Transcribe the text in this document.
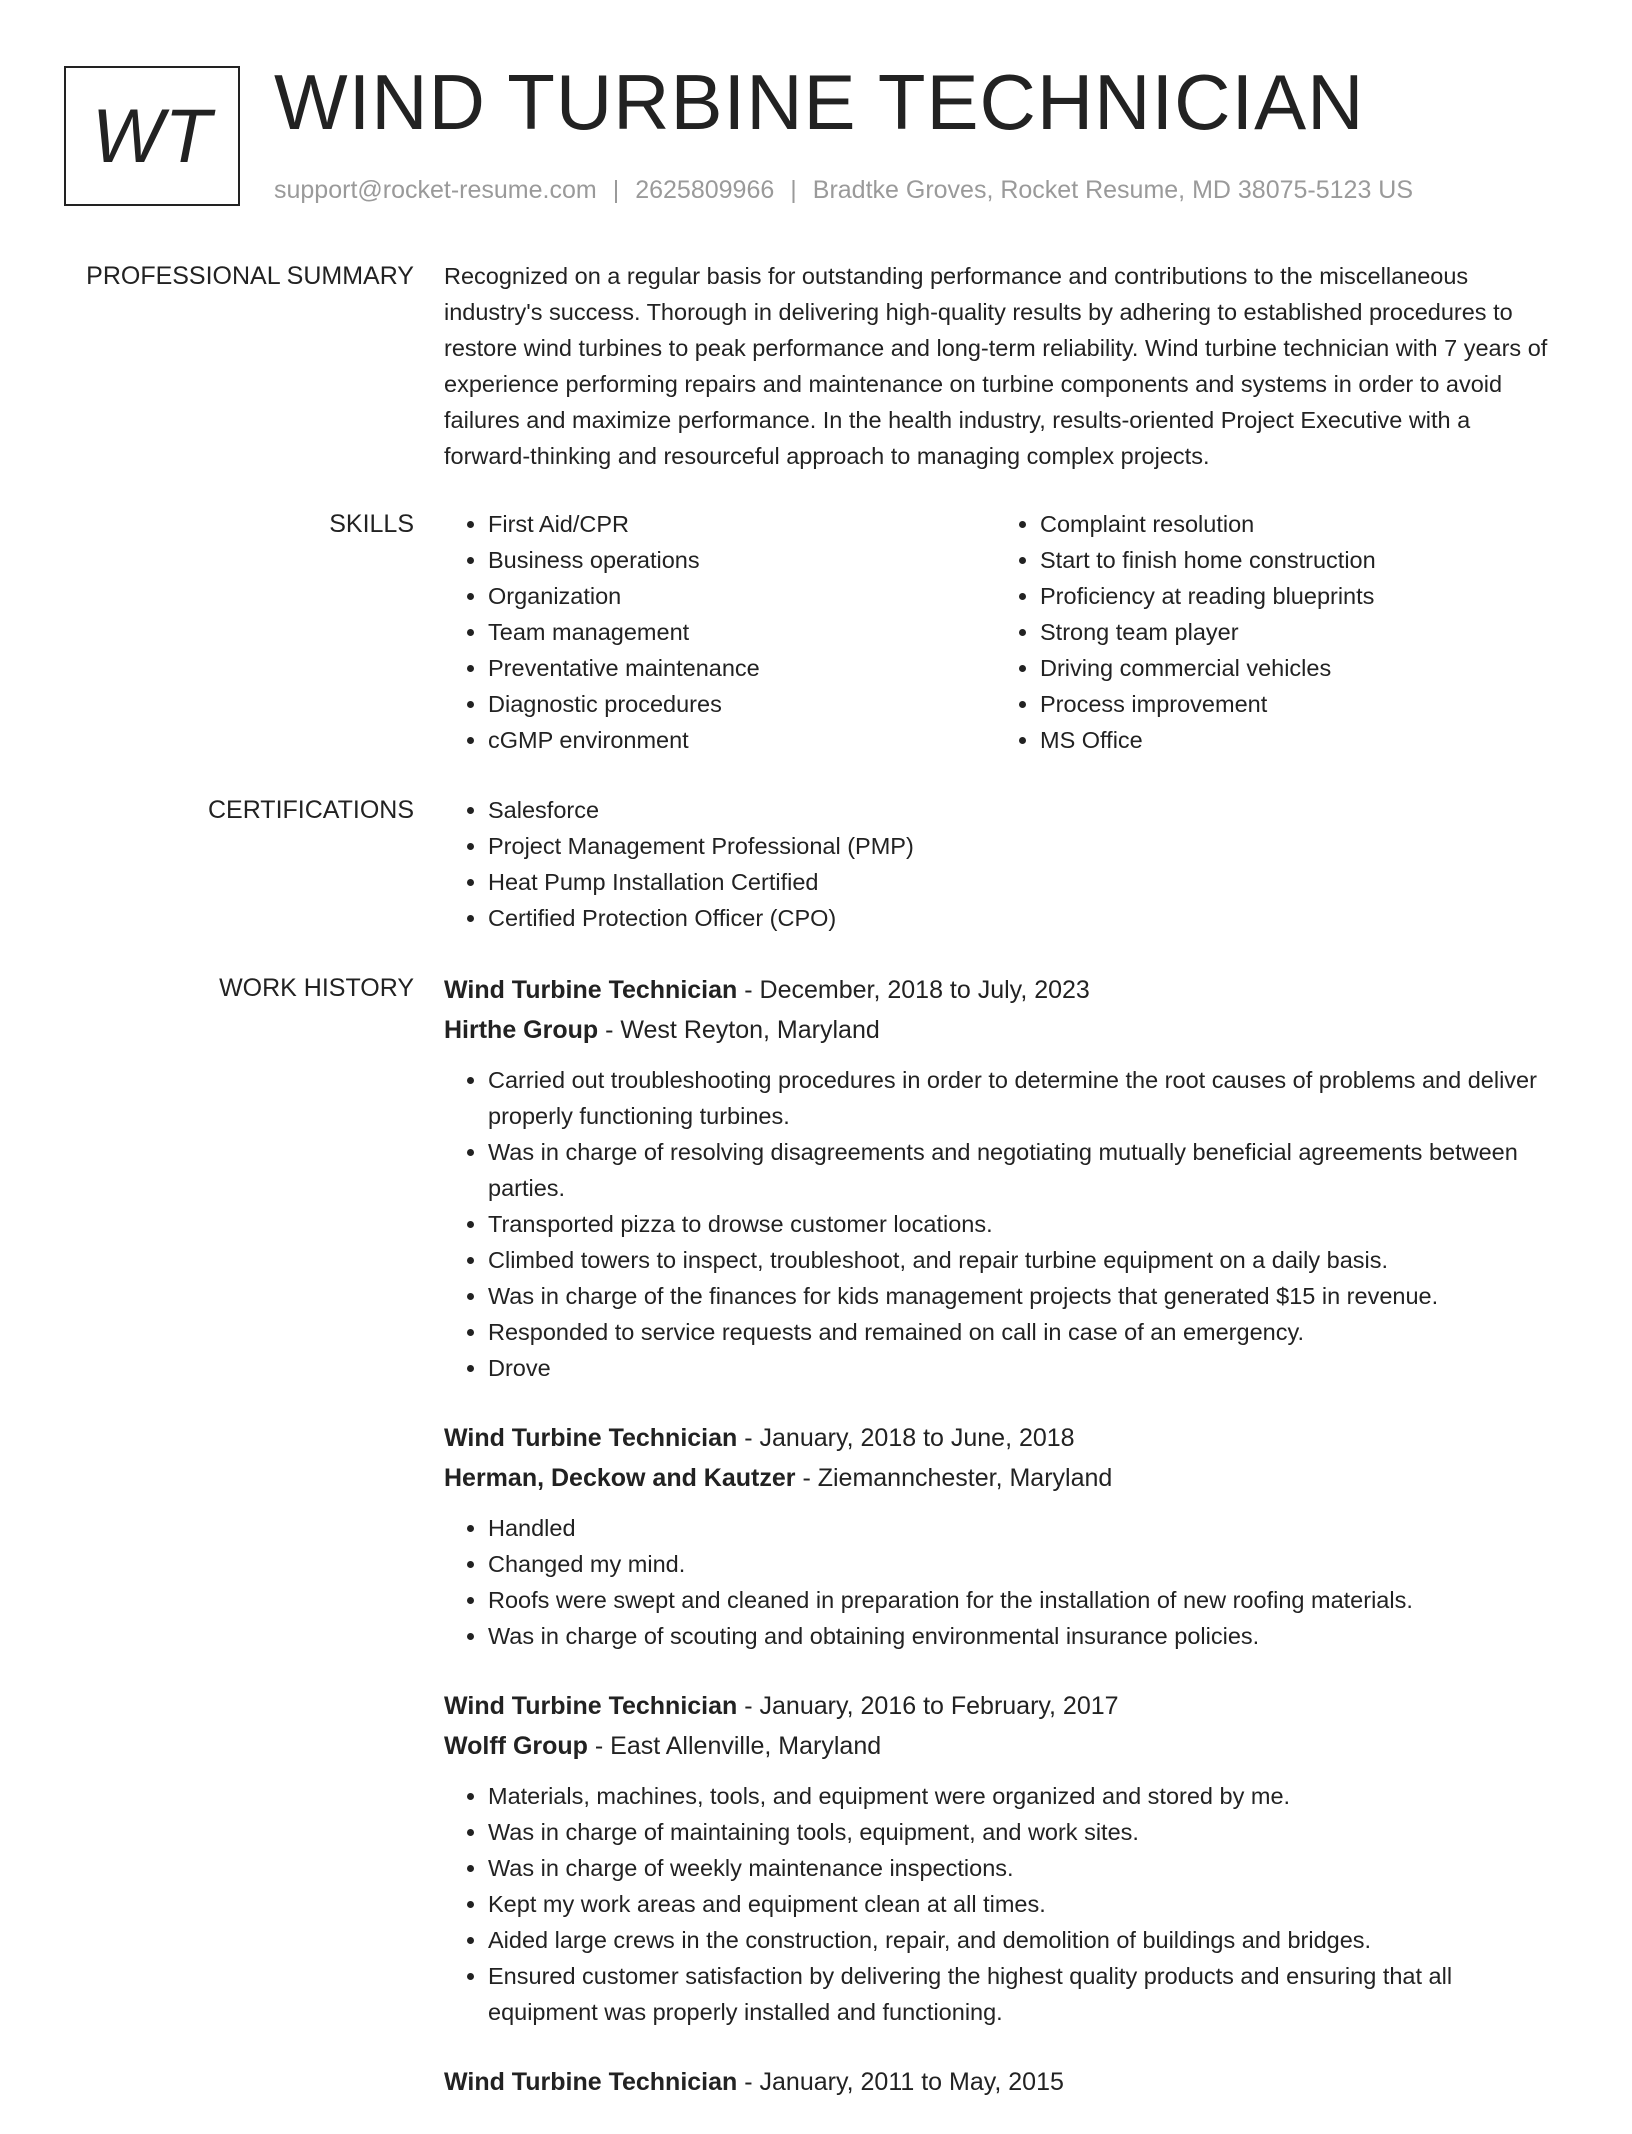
WT WIND TURBINE TECHNICIAN
support@rocket-resume.com | 2625809966 | Bradtke Groves, Rocket Resume, MD 38075-5123 US
PROFESSIONAL SUMMARY Recognized on a regular basis for outstanding performance and contributions to the miscellaneous industry's success. Thorough in delivering high-quality results by adhering to established procedures to restore wind turbines to peak performance and long-term reliability. Wind turbine technician with 7 years of experience performing repairs and maintenance on turbine components and systems in order to avoid failures and maximize performance. In the health industry, results-oriented Project Executive with a forward-thinking and resourceful approach to managing complex projects.

SKILLS	• First Aid/CPR
• Business operations
• Organization
• Team management
• Preventative maintenance
• Diagnostic procedures
• cGMP environment
• Complaint resolution
• Start to finish home construction
• Proficiency at reading blueprints
• Strong team player
• Driving commercial vehicles
• Process improvement
• MS Office
CERTIFICATIONS	• Salesforce
• Project Management Professional (PMP)
• Heat Pump Installation Certified
• Certified Protection Officer (CPO)
WORK HISTORY Wind Turbine Technician - December, 2018 to July, 2023
Hirthe Group - West Reyton, Maryland
• Carried out troubleshooting procedures in order to determine the root causes of problems and deliver properly functioning turbines.
• Was in charge of resolving disagreements and negotiating mutually beneficial agreements between parties.
• Transported pizza to drowse customer locations.
• Climbed towers to inspect, troubleshoot, and repair turbine equipment on a daily basis.
• Was in charge of the finances for kids management projects that generated $15 in revenue.
• Responded to service requests and remained on call in case of an emergency.
• Drove
Wind Turbine Technician - January, 2018 to June, 2018
Herman, Deckow and Kautzer - Ziemannchester, Maryland
• Handled
• Changed my mind.
• Roofs were swept and cleaned in preparation for the installation of new roofing materials.
• Was in charge of scouting and obtaining environmental insurance policies.
Wind Turbine Technician - January, 2016 to February, 2017
Wolff Group - East Allenville, Maryland
• Materials, machines, tools, and equipment were organized and stored by me.
• Was in charge of maintaining tools, equipment, and work sites.
• Was in charge of weekly maintenance inspections.
• Kept my work areas and equipment clean at all times.
• Aided large crews in the construction, repair, and demolition of buildings and bridges.
• Ensured customer satisfaction by delivering the highest quality products and ensuring that all equipment was properly installed and functioning.
Wind Turbine Technician - January, 2011 to May, 2015
